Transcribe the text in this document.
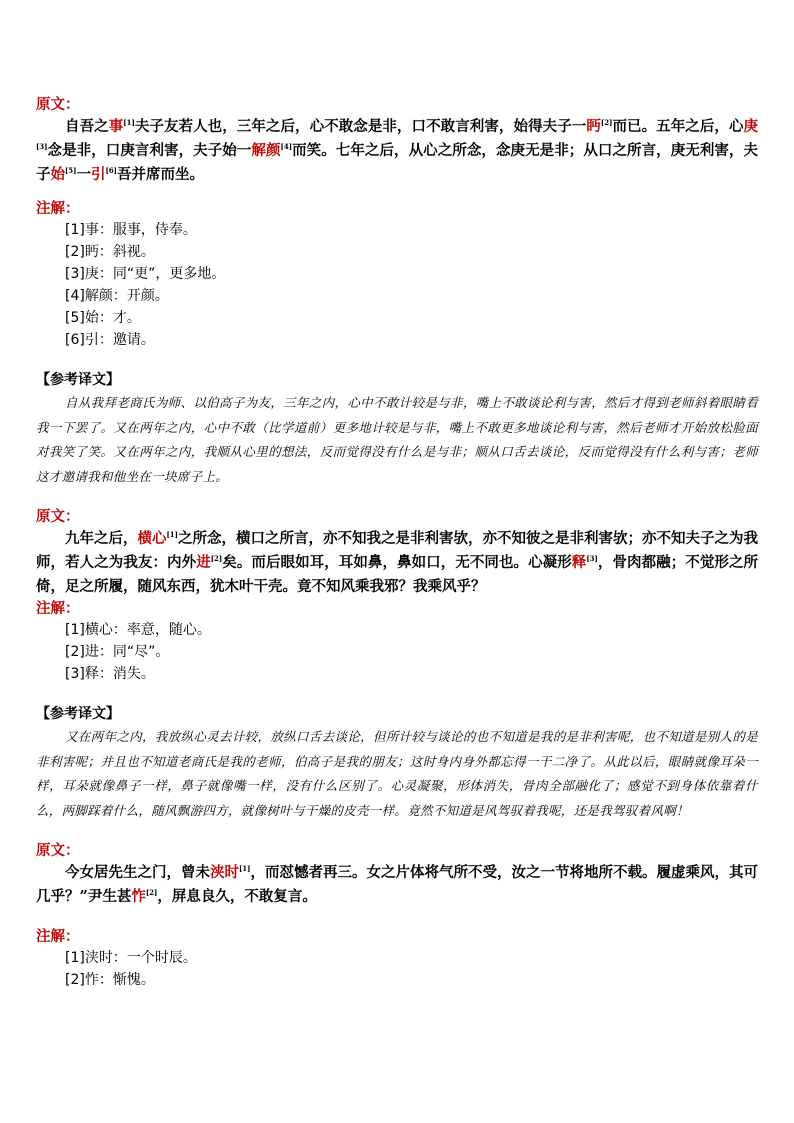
原文：

自吾之事[1]夫子友若人也，三年之后，心不敢念是非，口不敢言利害，始得夫子一眄[2]而已。五年之后，心庚[3]念是非，口庚言利害，夫子始一解颜[4]而笑。七年之后，从心之所念，念庚无是非；从口之所言，庚无利害，夫子始[5]一引[6]吾并席而坐。

注解：
[1]事：服事，侍奉。
[2]眄：斜视。
[3]庚：同“更”，更多地。
[4]解颜：开颜。
[5]始：才。
[6]引：邀请。
【参考译文】

自从我拜老商氏为师、以伯高子为友，三年之内，心中不敢计较是与非，嘴上不敢谈论利与害，然后才得到老师斜着眼睛看我一下罢了。又在两年之内，心中不敢（比学道前）更多地计较是与非，嘴上不敢更多地谈论利与害，然后老师才开始放松脸面对我笑了笑。又在两年之内，我顺从心里的想法，反而觉得没有什么是与非；顺从口舌去谈论，反而觉得没有什么利与害；老师这才邀请我和他坐在一块席子上。

原文：

九年之后，横心[1]之所念，横口之所言，亦不知我之是非利害欤，亦不知彼之是非利害欤；亦不知夫子之为我师，若人之为我友：内外进[2]矣。而后眼如耳，耳如鼻，鼻如口，无不同也。心凝形释[3]，骨肉都融；不觉形之所倚，足之所履，随风东西，犹木叶干壳。竟不知风乘我邪？我乘风乎？

注解：
[1]横心：率意，随心。
[2]进：同“尽”。
[3]释：消失。
【参考译文】

又在两年之内，我放纵心灵去计较，放纵口舌去谈论，但所计较与谈论的也不知道是我的是非利害呢，也不知道是别人的是非利害呢；并且也不知道老商氏是我的老师，伯高子是我的朋友；这时身内身外都忘得一干二净了。从此以后，眼睛就像耳朵一样，耳朵就像鼻子一样，鼻子就像嘴一样，没有什么区别了。心灵凝聚，形体消失，骨肉全部融化了；感觉不到身体依靠着什么，两脚踩着什么，随风飘游四方，就像树叶与干燥的皮壳一样。竟然不知道是风驾驭着我呢，还是我驾驭着风啊！

原文：

今女居先生之门，曾未浃时[1]，而怼憾者再三。女之片体将气所不受，汝之一节将地所不载。履虚乘风，其可几乎？”尹生甚怍[2]，屏息良久，不敢复言。

注解：
[1]浃时：一个时辰。
[2]怍：惭愧。
